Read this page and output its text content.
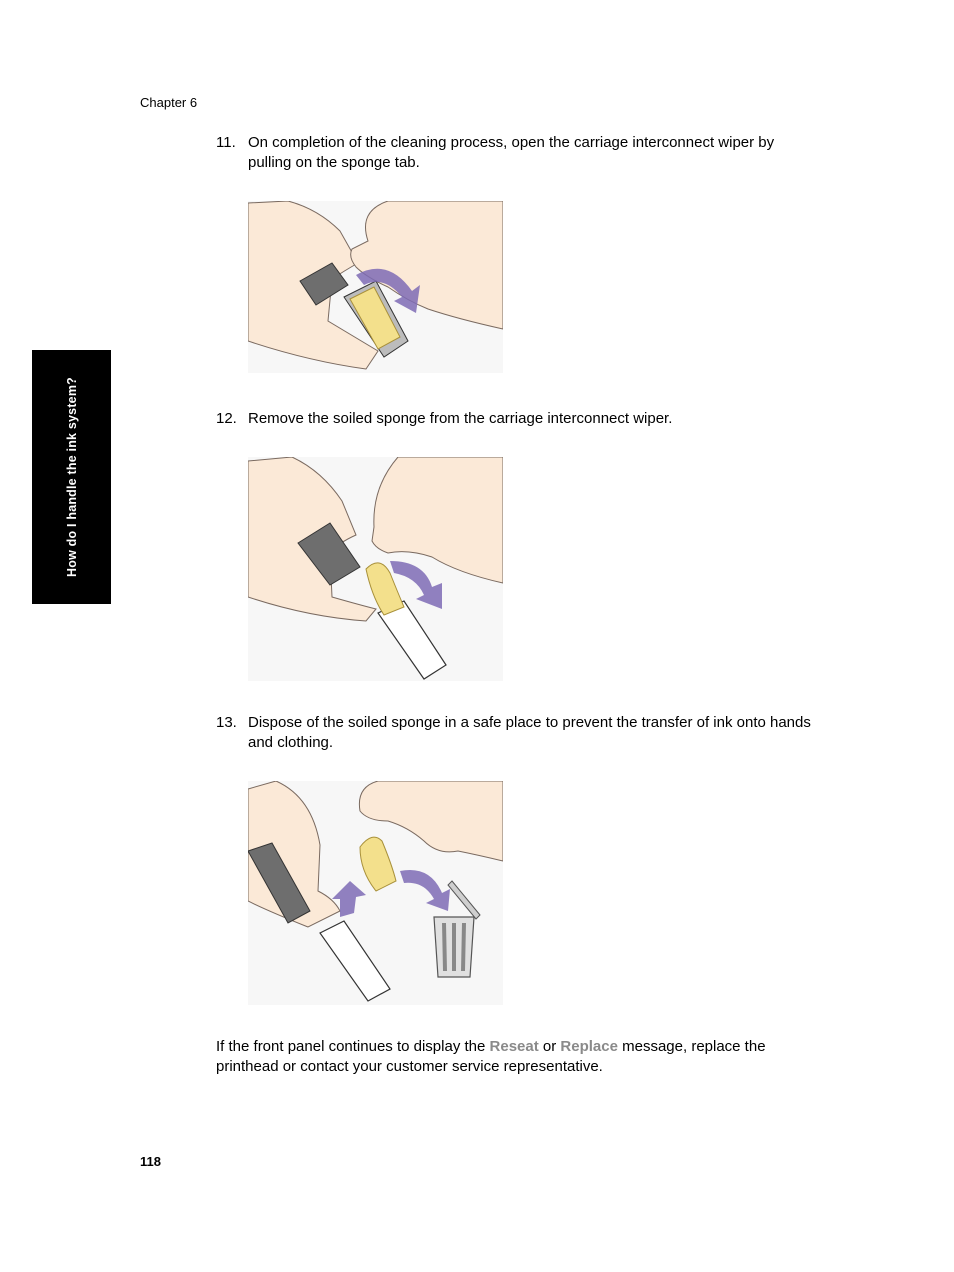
Chapter 6
How do I handle the ink system?
11. On completion of the cleaning process, open the carriage interconnect wiper by pulling on the sponge tab.
12. Remove the soiled sponge from the carriage interconnect wiper.
13. Dispose of the soiled sponge in a safe place to prevent the transfer of ink onto hands and clothing.
If the front panel continues to display the Reseat or Replace message, replace the printhead or contact your customer service representative.
118
